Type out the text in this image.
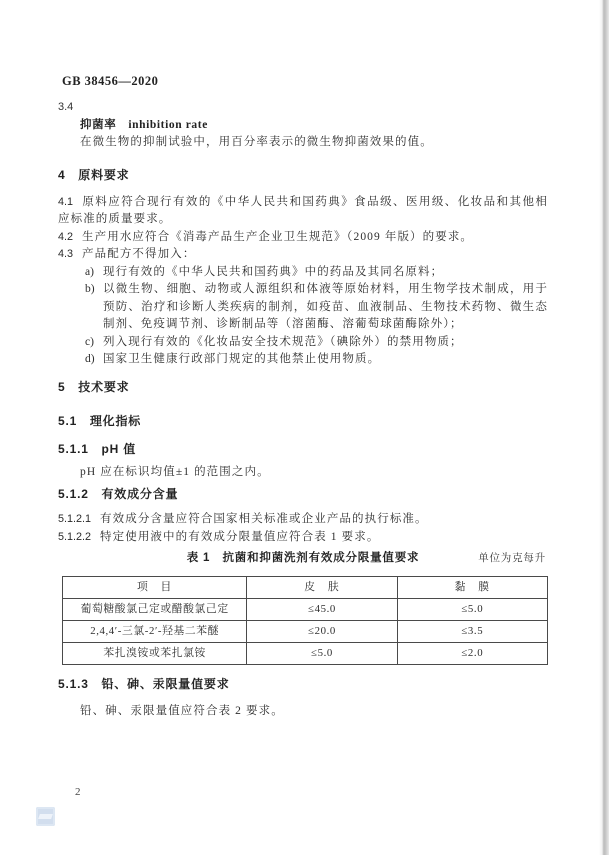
GB 38456—2020
3.4
抑菌率 inhibition rate

在微生物的抑制试验中，用百分率表示的微生物抑菌效果的值。

4　原料要求

4.1 原料应符合现行有效的《中华人民共和国药典》食品级、医用级、化妆品和其他相应标准的质量要求。

4.2 生产用水应符合《消毒产品生产企业卫生规范》（2009 年版）的要求。

4.3 产品配方不得加入：

a) 现行有效的《中华人民共和国药典》中的药品及其同名原料；
b) 以微生物、细胞、动物或人源组织和体液等原始材料，用生物学技术制成，用于预防、治疗和诊断人类疾病的制剂，如疫苗、血液制品、生物技术药物、微生态制剂、免疫调节剂、诊断制品等（溶菌酶、溶葡萄球菌酶除外）；
c) 列入现行有效的《化妆品安全技术规范》（碘除外）的禁用物质；
d) 国家卫生健康行政部门规定的其他禁止使用物质。

5　技术要求

5.1　理化指标

5.1.1　pH 值

pH 应在标识均值±1 的范围之内。

5.1.2　有效成分含量

5.1.2.1 有效成分含量应符合国家相关标准或企业产品的执行标准。

5.1.2.2 特定使用液中的有效成分限量值应符合表 1 要求。

表 1　抗菌和抑菌洗剂有效成分限量值要求	单位为克每升
项　目	皮　肤	黏　膜
葡萄糖酸氯己定或醋酸氯己定	≤45.0	≤5.0
2,4,4′-三氯-2′-羟基二苯醚	≤20.0	≤3.5
苯扎溴铵或苯扎氯铵	≤5.0	≤2.0

5.1.3　铅、砷、汞限量值要求

铅、砷、汞限量值应符合表 2 要求。

2
